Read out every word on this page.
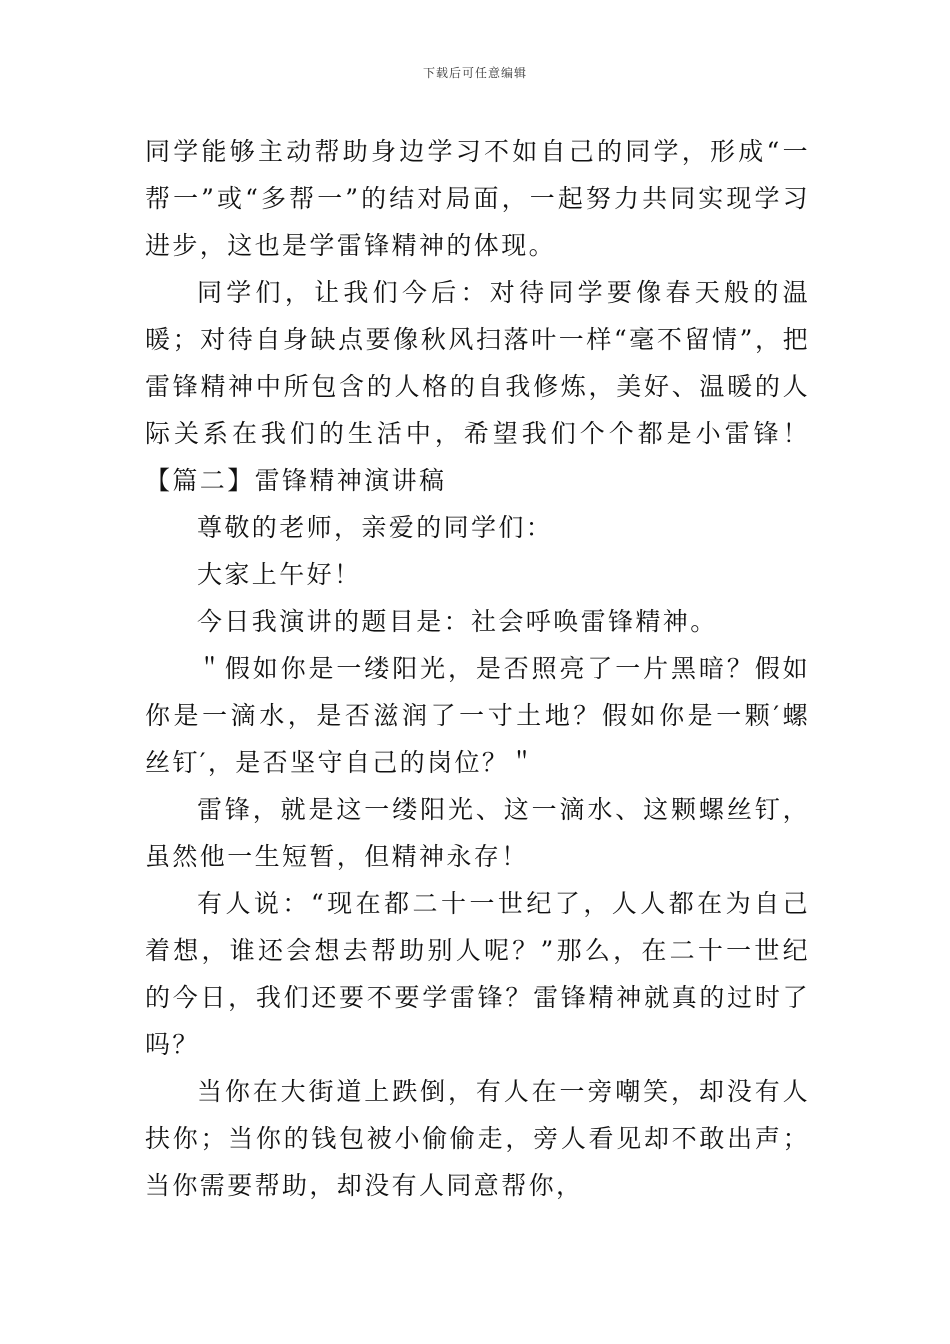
下载后可任意编辑

同学能够主动帮助身边学习不如自己的同学，形成“一帮一”或“多帮一”的结对局面，一起努力共同实现学习进步，这也是学雷锋精神的体现。

同学们，让我们今后：对待同学要像春天般的温暖；对待自身缺点要像秋风扫落叶一样“毫不留情”，把雷锋精神中所包含的人格的自我修炼，美好、温暖的人际关系在我们的生活中，希望我们个个都是小雷锋！【篇二】雷锋精神演讲稿

尊敬的老师，亲爱的同学们：

大家上午好！

今日我演讲的题目是：社会呼唤雷锋精神。

＂假如你是一缕阳光，是否照亮了一片黑暗？假如你是一滴水，是否滋润了一寸土地？假如你是一颗′螺丝钉′，是否坚守自己的岗位？＂

雷锋，就是这一缕阳光、这一滴水、这颗螺丝钉，虽然他一生短暂，但精神永存！

有人说：“现在都二十一世纪了，人人都在为自己着想，谁还会想去帮助别人呢？”那么，在二十一世纪的今日，我们还要不要学雷锋？雷锋精神就真的过时了吗？

当你在大街道上跌倒，有人在一旁嘲笑，却没有人扶你；当你的钱包被小偷偷走，旁人看见却不敢出声；当你需要帮助，却没有人同意帮你，
